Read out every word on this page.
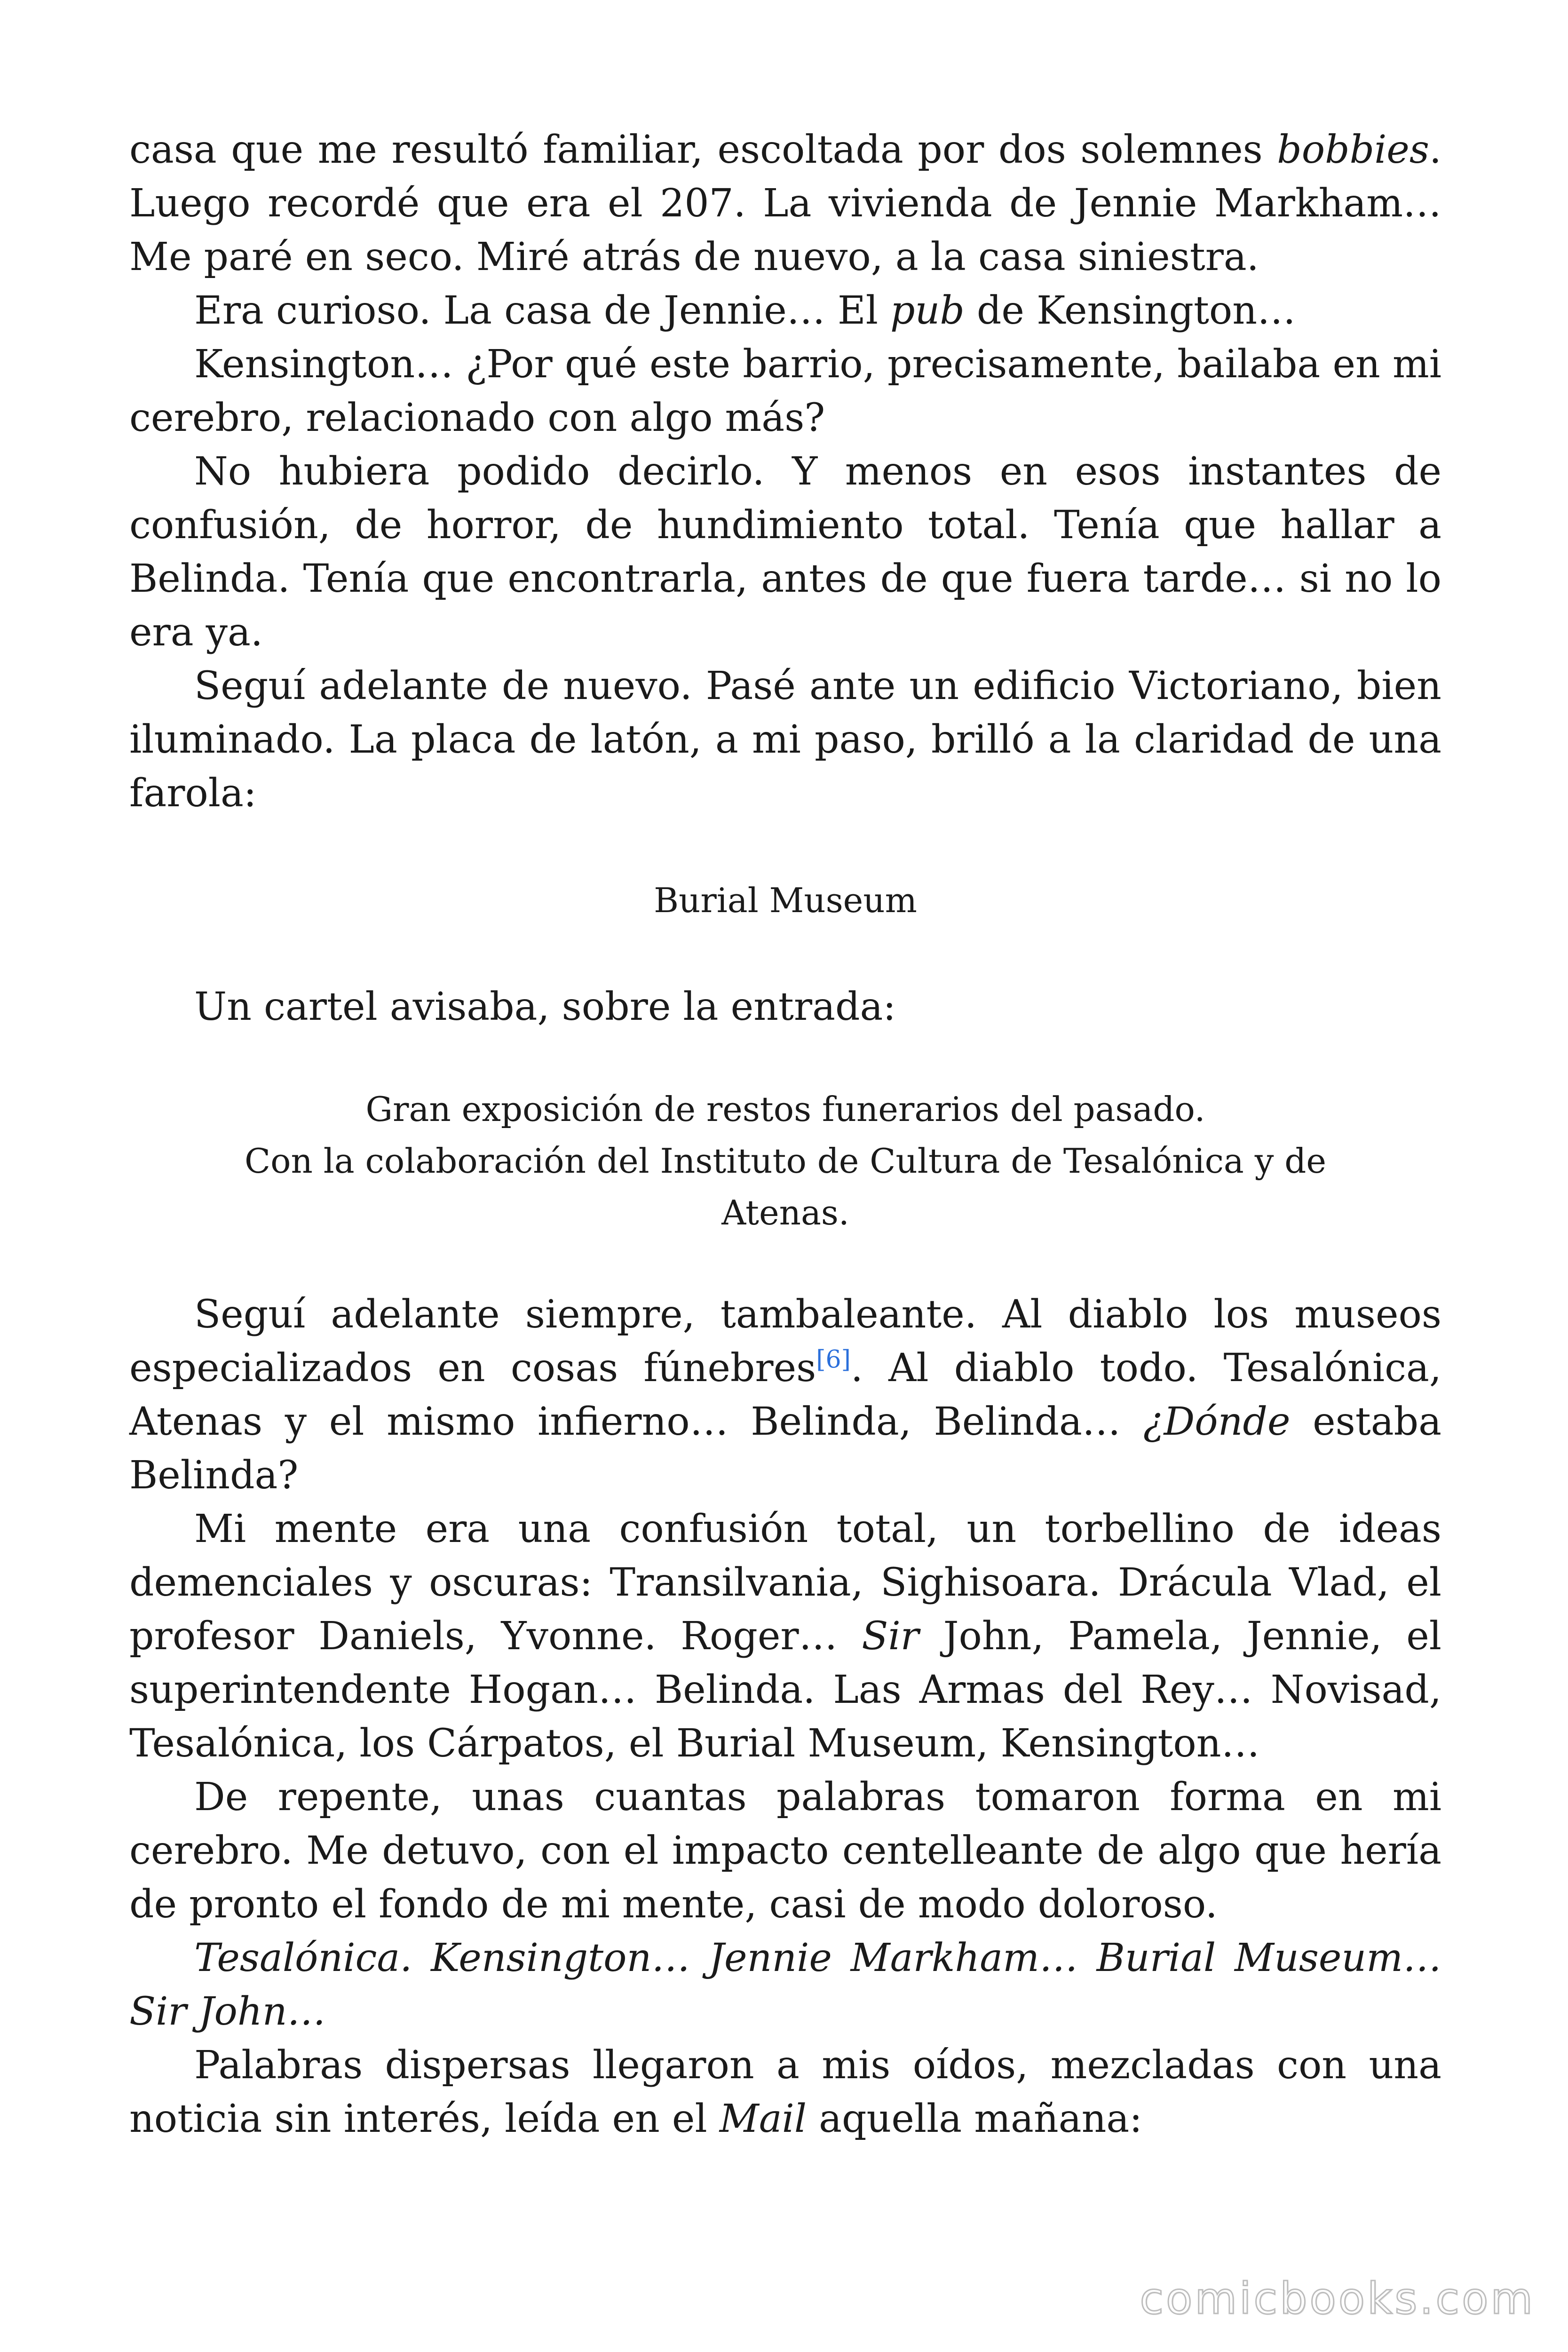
casa que me resultó familiar, escoltada por dos solemnes bobbies. Luego recordé que era el 207. La vivienda de Jennie Markham… Me paré en seco. Miré atrás de nuevo, a la casa siniestra.

Era curioso. La casa de Jennie… El pub de Kensington…

Kensington… ¿Por qué este barrio, precisamente, bailaba en mi cerebro, relacionado con algo más?

No hubiera podido decirlo. Y menos en esos instantes de confusión, de horror, de hundimiento total. Tenía que hallar a Belinda. Tenía que encontrarla, antes de que fuera tarde… si no lo era ya.

Seguí adelante de nuevo. Pasé ante un edificio Victoriano, bien iluminado. La placa de latón, a mi paso, brilló a la claridad de una farola:

Burial Museum

Un cartel avisaba, sobre la entrada:

Gran exposición de restos funerarios del pasado.
Con la colaboración del Instituto de Cultura de Tesalónica y de Atenas.

Seguí adelante siempre, tambaleante. Al diablo los museos especializados en cosas fúnebres[6]. Al diablo todo. Tesalónica, Atenas y el mismo infierno… Belinda, Belinda… ¿Dónde estaba Belinda?

Mi mente era una confusión total, un torbellino de ideas demenciales y oscuras: Transilvania, Sighisoara. Drácula Vlad, el profesor Daniels, Yvonne. Roger… Sir John, Pamela, Jennie, el superintendente Hogan… Belinda. Las Armas del Rey… Novisad, Tesalónica, los Cárpatos, el Burial Museum, Kensington…

De repente, unas cuantas palabras tomaron forma en mi cerebro. Me detuvo, con el impacto centelleante de algo que hería de pronto el fondo de mi mente, casi de modo doloroso.

Tesalónica. Kensington… Jennie Markham… Burial Museum… Sir John…

Palabras dispersas llegaron a mis oídos, mezcladas con una noticia sin interés, leída en el Mail aquella mañana:

comicbooks.com
